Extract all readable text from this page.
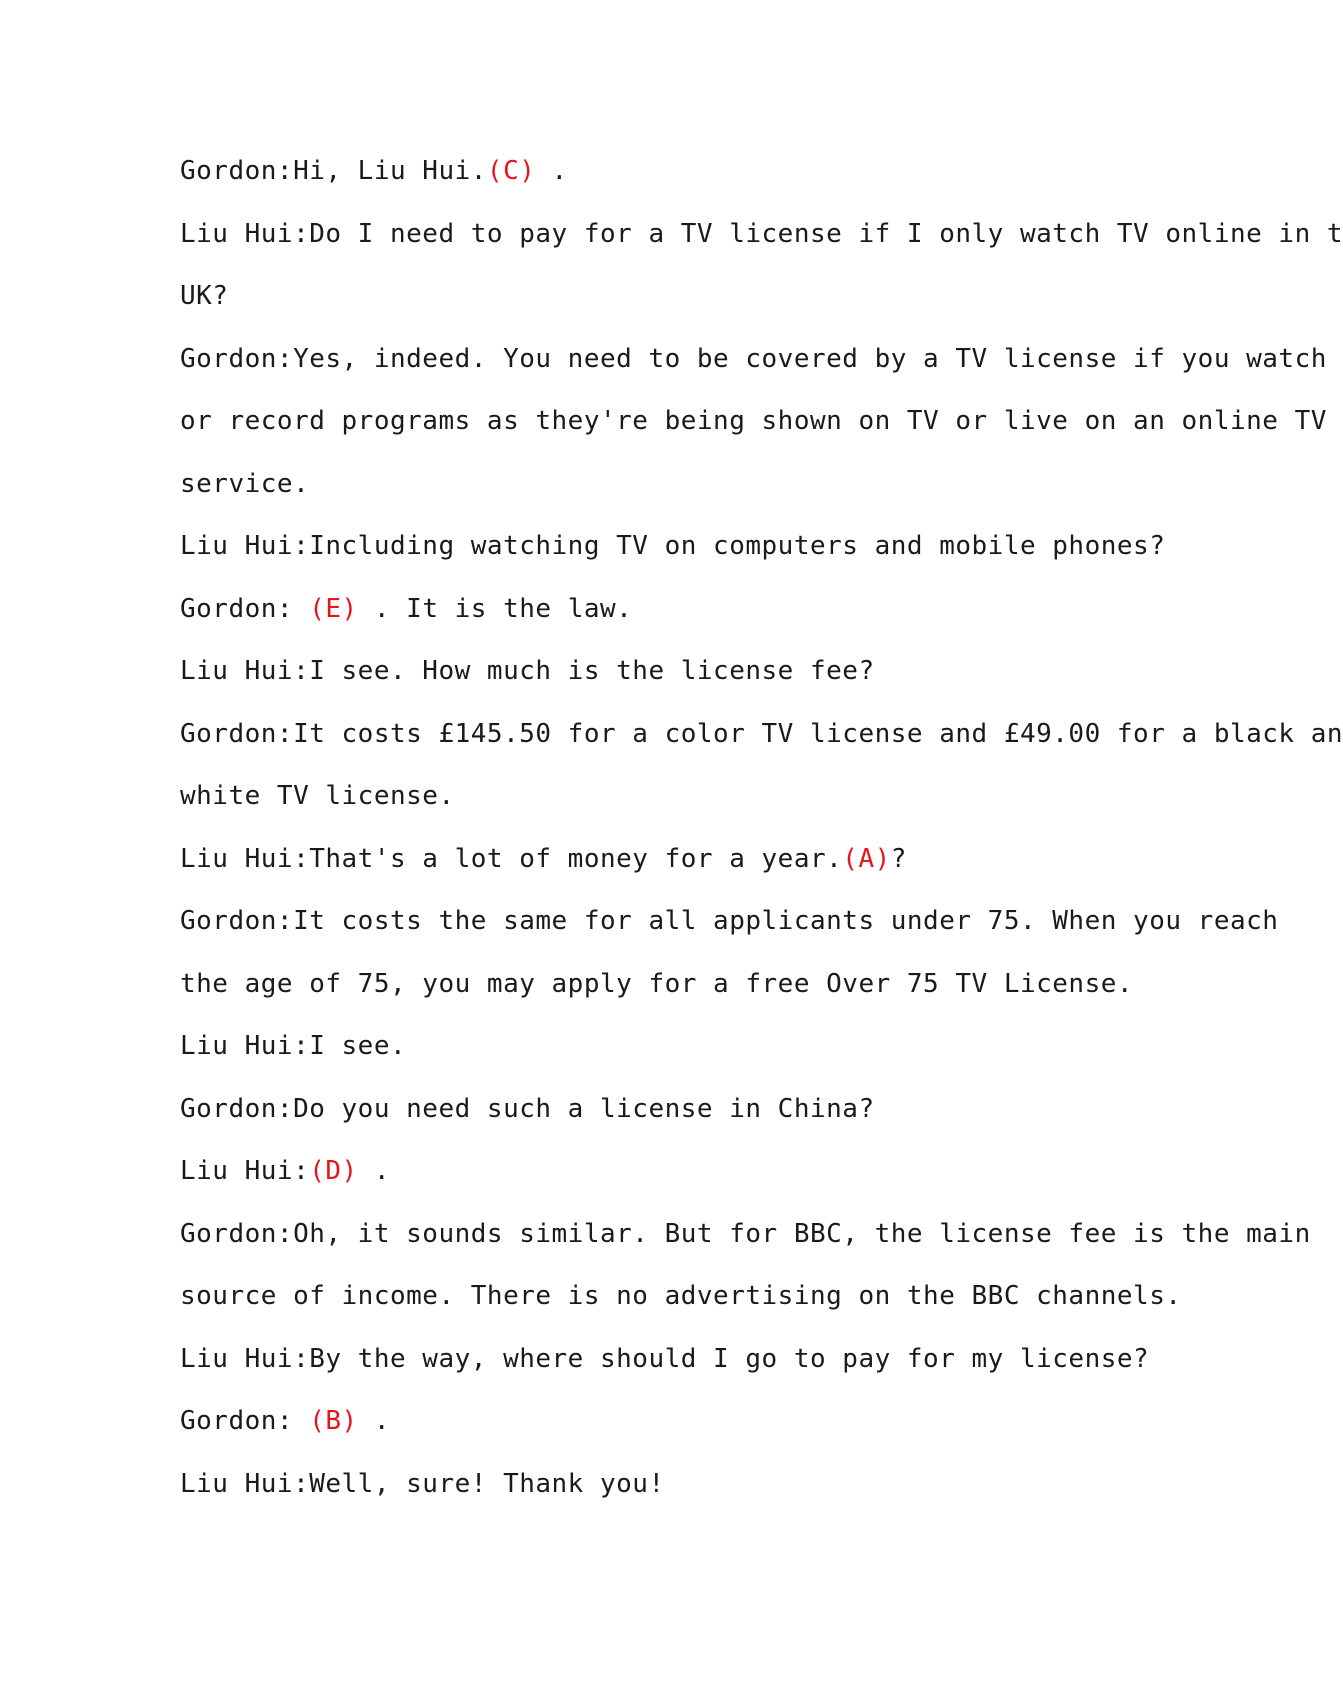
Gordon:Hi, Liu Hui.(C) .
Liu Hui:Do I need to pay for a TV license if I only watch TV online in t
UK?
Gordon:Yes, indeed. You need to be covered by a TV license if you watch
or record programs as they're being shown on TV or live on an online TV
service.
Liu Hui:Including watching TV on computers and mobile phones?
Gordon: (E) . It is the law.
Liu Hui:I see. How much is the license fee?
Gordon:It costs £145.50 for a color TV license and £49.00 for a black an
white TV license.
Liu Hui:That's a lot of money for a year.(A)?
Gordon:It costs the same for all applicants under 75. When you reach
the age of 75, you may apply for a free Over 75 TV License.
Liu Hui:I see.
Gordon:Do you need such a license in China?
Liu Hui:(D) .
Gordon:Oh, it sounds similar. But for BBC, the license fee is the main
source of income. There is no advertising on the BBC channels.
Liu Hui:By the way, where should I go to pay for my license?
Gordon: (B) .
Liu Hui:Well, sure! Thank you!
